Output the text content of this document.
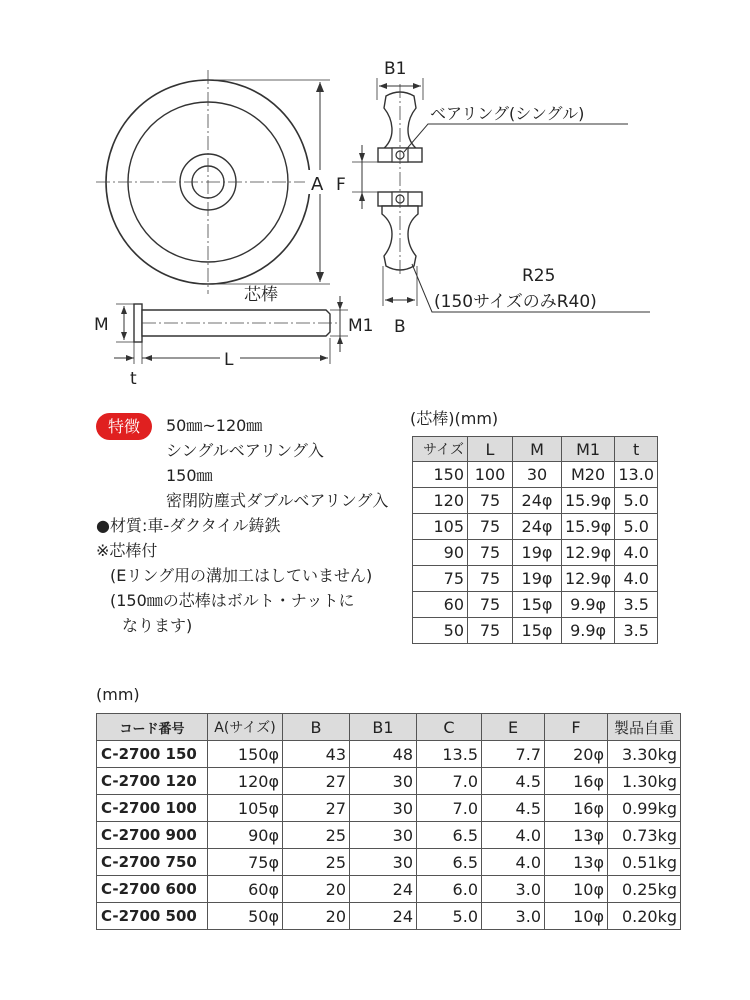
A
B1
F
B
ベアリング(シングル)
R25
(150サイズのみR40)
芯棒
M	M1
L
t
特徴	50㎜~120㎜
シングルベアリング入
150㎜
密閉防塵式ダブルベアリング入
●材質:車-ダクタイル鋳鉄
※芯棒付
(Eリング用の溝加工はしていません)
(150㎜の芯棒はボルト・ナットに
なります)
(芯棒)(mm)
サイズ	L	M	M1	t
150	100	30	M20	13.0
120	75	24φ	15.9φ	5.0
105	75	24φ	15.9φ	5.0
90	75	19φ	12.9φ	4.0
75	75	19φ	12.9φ	4.0
60	75	15φ	9.9φ	3.5
50	75	15φ	9.9φ	3.5
(mm)
コード番号	A(サイズ)	B	B1	C	E	F	製品自重
C-2700 150	150φ	43	48	13.5	7.7	20φ	3.30kg
C-2700 120	120φ	27	30	7.0	4.5	16φ	1.30kg
C-2700 100	105φ	27	30	7.0	4.5	16φ	0.99kg
C-2700 900	90φ	25	30	6.5	4.0	13φ	0.73kg
C-2700 750	75φ	25	30	6.5	4.0	13φ	0.51kg
C-2700 600	60φ	20	24	6.0	3.0	10φ	0.25kg
C-2700 500	50φ	20	24	5.0	3.0	10φ	0.20kg
